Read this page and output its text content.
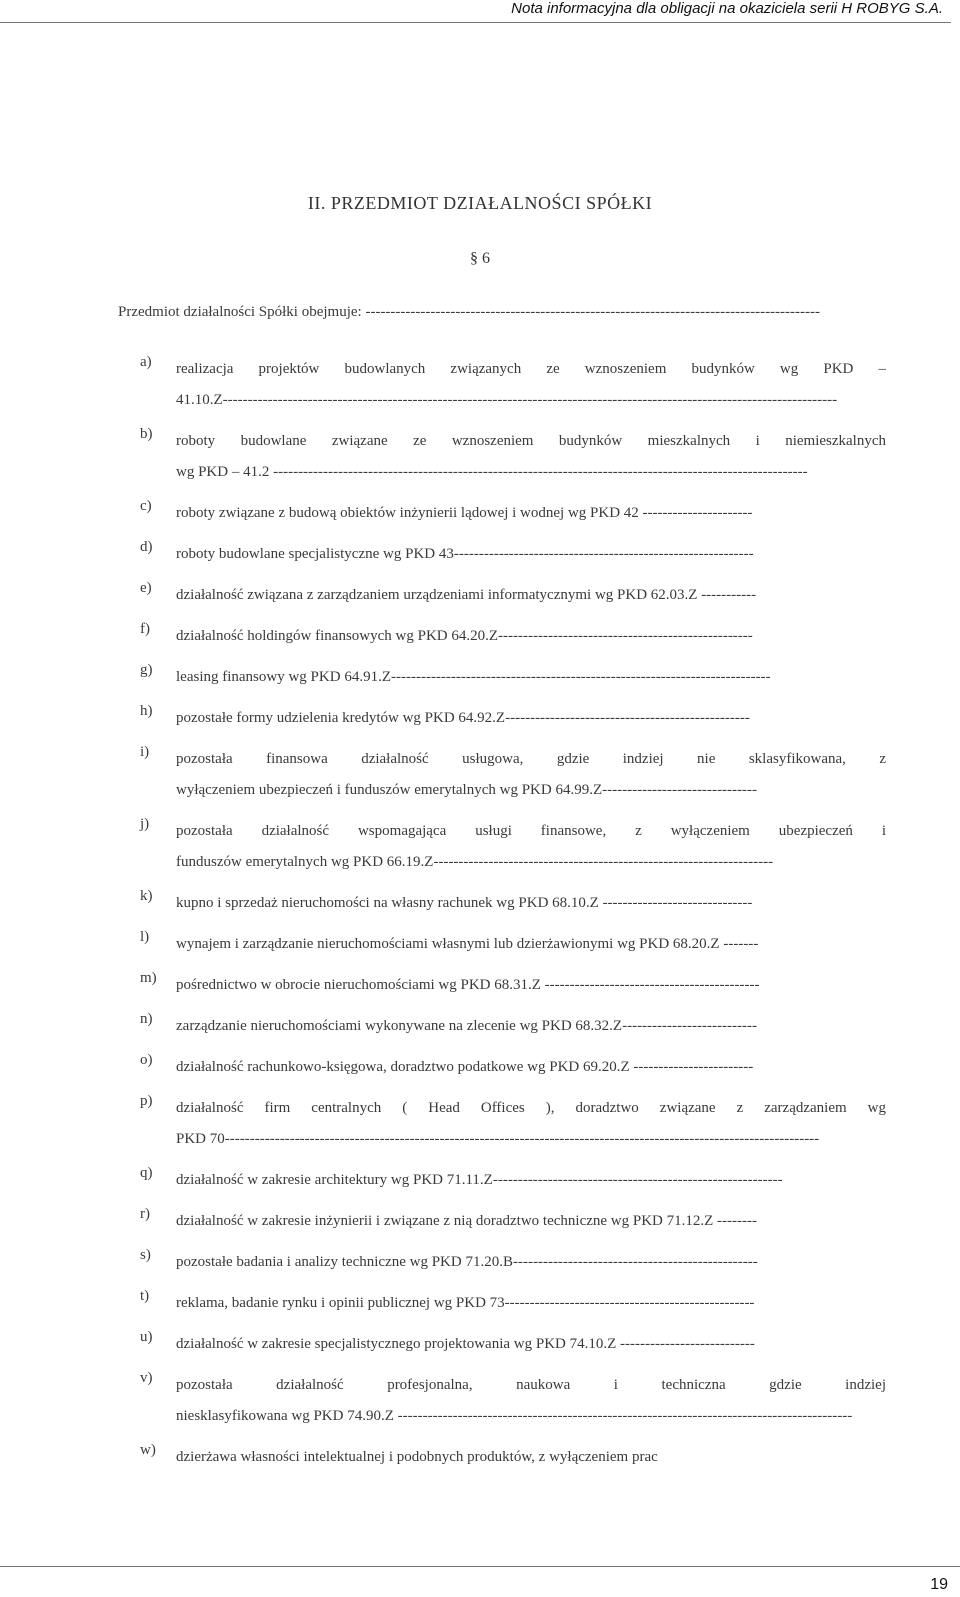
Nota informacyjna dla obligacji na okaziciela serii H ROBYG S.A.
II. PRZEDMIOT DZIAŁALNOŚCI SPÓŁKI
§ 6
Przedmiot działalności Spółki obejmuje: -------------------------------------------------------------------------------------------
a) realizacja projektów budowlanych związanych ze wznoszeniem budynków wg PKD –
41.10.Z---------------------------------------------------------------------------------------------------------------------------
b) roboty budowlane związane ze wznoszeniem budynków mieszkalnych i niemieszkalnych
wg PKD – 41.2 -----------------------------------------------------------------------------------------------------------
c) roboty związane z budową obiektów inżynierii lądowej i wodnej wg PKD 42 ----------------------
d) roboty budowlane specjalistyczne wg PKD 43------------------------------------------------------------
e) działalność związana z zarządzaniem urządzeniami informatycznymi wg PKD 62.03.Z -----------
f) działalność holdingów finansowych wg PKD 64.20.Z---------------------------------------------------
g) leasing finansowy wg PKD 64.91.Z----------------------------------------------------------------------------
h) pozostałe formy udzielenia kredytów wg PKD 64.92.Z-------------------------------------------------
i) pozostała finansowa działalność usługowa, gdzie indziej nie sklasyfikowana, z
wyłączeniem ubezpieczeń i funduszów emerytalnych wg PKD 64.99.Z-------------------------------
j) pozostała działalność wspomagająca usługi finansowe, z wyłączeniem ubezpieczeń i
funduszów emerytalnych wg PKD 66.19.Z--------------------------------------------------------------------
k) kupno i sprzedaż nieruchomości na własny rachunek wg PKD 68.10.Z ------------------------------
l) wynajem i zarządzanie nieruchomościami własnymi lub dzierżawionymi wg PKD 68.20.Z -------
m) pośrednictwo w obrocie nieruchomościami wg PKD 68.31.Z -------------------------------------------
n) zarządzanie nieruchomościami wykonywane na zlecenie wg PKD 68.32.Z---------------------------
o) działalność rachunkowo-księgowa, doradztwo podatkowe wg PKD 69.20.Z ------------------------
p) działalność firm centralnych ( Head Offices ), doradztwo związane z zarządzaniem wg
PKD 70-----------------------------------------------------------------------------------------------------------------------
q) działalność w zakresie architektury wg PKD 71.11.Z----------------------------------------------------------
r) działalność w zakresie inżynierii i związane z nią doradztwo techniczne wg PKD 71.12.Z --------
s) pozostałe badania i analizy techniczne wg PKD 71.20.B-------------------------------------------------
t) reklama, badanie rynku i opinii publicznej wg PKD 73--------------------------------------------------
u) działalność w zakresie specjalistycznego projektowania wg PKD 74.10.Z ---------------------------
v) pozostała działalność profesjonalna, naukowa i techniczna gdzie indziej
niesklasyfikowana wg PKD 74.90.Z -------------------------------------------------------------------------------------------
w) dzierżawa własności intelektualnej i podobnych produktów, z wyłączeniem prac
19
